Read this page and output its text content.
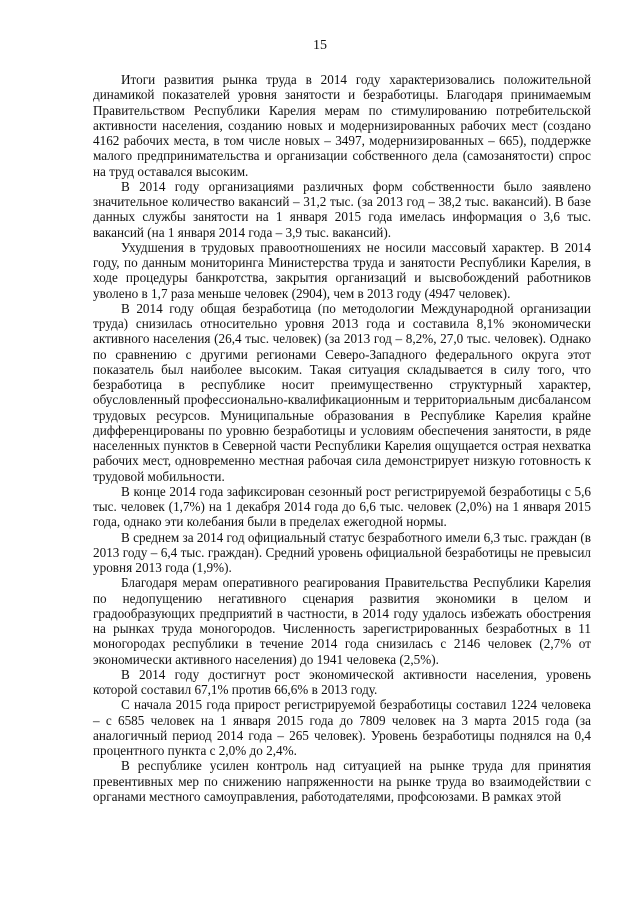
15

Итоги развития рынка труда в 2014 году характеризовались положительной динамикой показателей уровня занятости и безработицы. Благодаря принимаемым Правительством Республики Карелия мерам по стимулированию потребительской активности населения, созданию новых и модернизированных рабочих мест (создано 4162 рабочих места, в том числе новых – 3497, модернизированных – 665), поддержке малого предпринимательства и организации собственного дела (самозанятости) спрос на труд оставался высоким.

В 2014 году организациями различных форм собственности было заявлено значительное количество вакансий – 31,2 тыс. (за 2013 год – 38,2 тыс. вакансий). В базе данных службы занятости на 1 января 2015 года имелась информация о 3,6 тыс. вакансий (на 1 января 2014 года – 3,9 тыс. вакансий).

Ухудшения в трудовых правоотношениях не носили массовый характер. В 2014 году, по данным мониторинга Министерства труда и занятости Республики Карелия, в ходе процедуры банкротства, закрытия организаций и высвобождений работников уволено в 1,7 раза меньше человек (2904), чем в 2013 году (4947 человек).

В 2014 году общая безработица (по методологии Международной организации труда) снизилась относительно уровня 2013 года и составила 8,1% экономически активного населения (26,4 тыс. человек) (за 2013 год – 8,2%, 27,0 тыс. человек). Однако по сравнению с другими регионами Северо-Западного федерального округа этот показатель был наиболее высоким. Такая ситуация складывается в силу того, что безработица в республике носит преимущественно структурный характер, обусловленный профессионально-квалификационным и территориальным дисбалансом трудовых ресурсов. Муниципальные образования в Республике Карелия крайне дифференцированы по уровню безработицы и условиям обеспечения занятости, в ряде населенных пунктов в Северной части Республики Карелия ощущается острая нехватка рабочих мест, одновременно местная рабочая сила демонстрирует низкую готовность к трудовой мобильности.

В конце 2014 года зафиксирован сезонный рост регистрируемой безработицы с 5,6 тыс. человек (1,7%) на 1 декабря 2014 года до 6,6 тыс. человек (2,0%) на 1 января 2015 года, однако эти колебания были в пределах ежегодной нормы.

В среднем за 2014 год официальный статус безработного имели 6,3 тыс. граждан (в 2013 году – 6,4 тыс. граждан). Средний уровень официальной безработицы не превысил уровня 2013 года (1,9%).

Благодаря мерам оперативного реагирования Правительства Республики Карелия по недопущению негативного сценария развития экономики в целом и градообразующих предприятий в частности, в 2014 году удалось избежать обострения на рынках труда моногородов. Численность зарегистрированных безработных в 11 моногородах республики в течение 2014 года снизилась с 2146 человек (2,7% от экономически активного населения) до 1941 человека (2,5%).

В 2014 году достигнут рост экономической активности населения, уровень которой составил 67,1% против 66,6% в 2013 году.

С начала 2015 года прирост регистрируемой безработицы составил 1224 человека – с 6585 человек на 1 января 2015 года до 7809 человек на 3 марта 2015 года (за аналогичный период 2014 года – 265 человек). Уровень безработицы поднялся на 0,4 процентного пункта с 2,0% до 2,4%.

В республике усилен контроль над ситуацией на рынке труда для принятия превентивных мер по снижению напряженности на рынке труда во взаимодействии с органами местного самоуправления, работодателями, профсоюзами. В рамках этой
